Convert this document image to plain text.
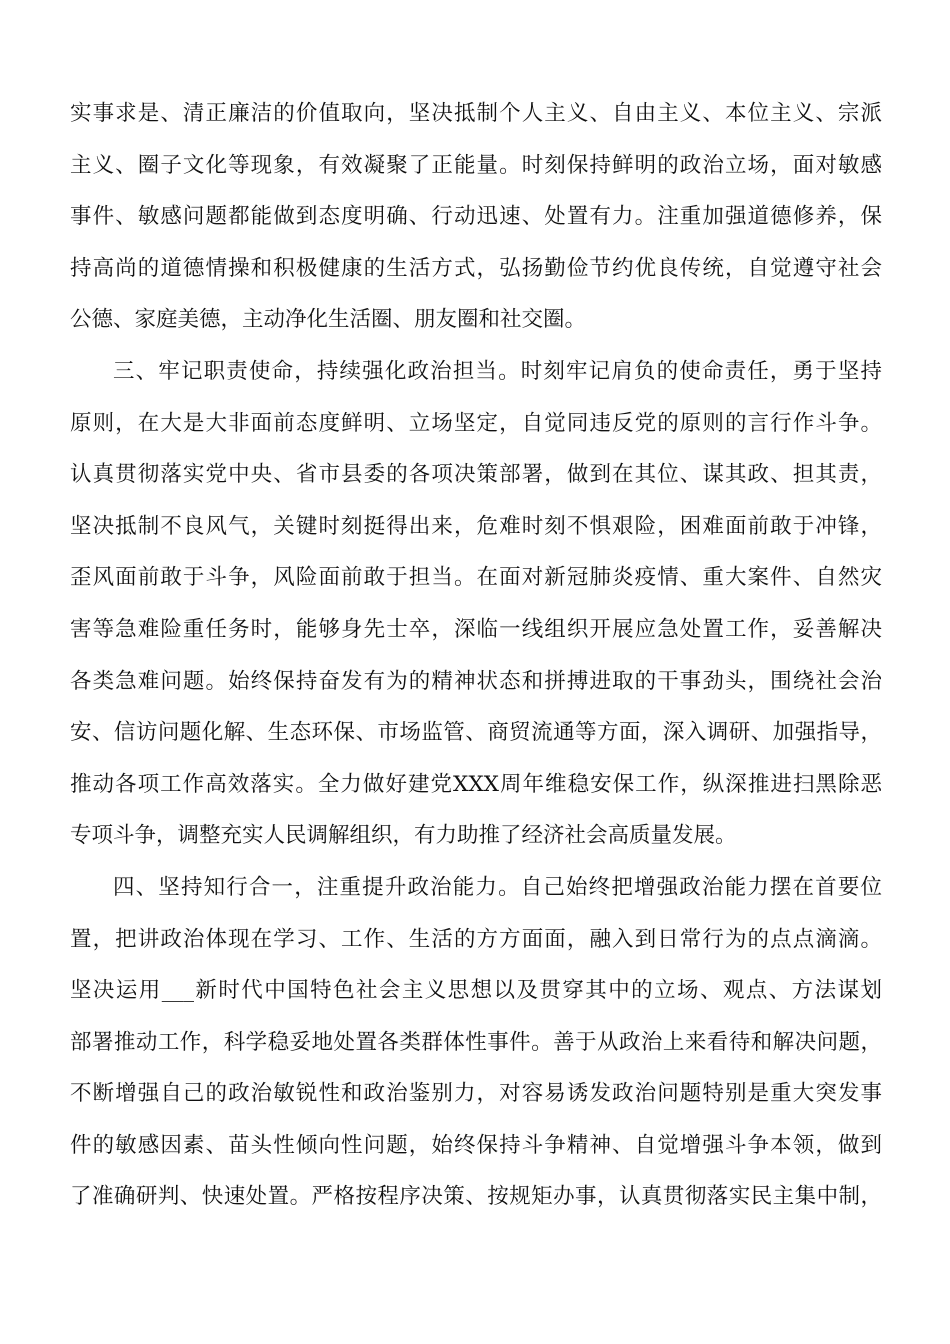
实事求是、清正廉洁的价值取向，坚决抵制个人主义、自由主义、本位主义、宗派
主义、圈子文化等现象，有效凝聚了正能量。时刻保持鲜明的政治立场，面对敏感
事件、敏感问题都能做到态度明确、行动迅速、处置有力。注重加强道德修养，保
持高尚的道德情操和积极健康的生活方式，弘扬勤俭节约优良传统，自觉遵守社会
公德、家庭美德，主动净化生活圈、朋友圈和社交圈。
三、牢记职责使命，持续强化政治担当。时刻牢记肩负的使命责任，勇于坚持
原则，在大是大非面前态度鲜明、立场坚定，自觉同违反党的原则的言行作斗争。
认真贯彻落实党中央、省市县委的各项决策部署，做到在其位、谋其政、担其责，
坚决抵制不良风气，关键时刻挺得出来，危难时刻不惧艰险，困难面前敢于冲锋，
歪风面前敢于斗争，风险面前敢于担当。在面对新冠肺炎疫情、重大案件、自然灾
害等急难险重任务时，能够身先士卒，深临一线组织开展应急处置工作，妥善解决
各类急难问题。始终保持奋发有为的精神状态和拼搏进取的干事劲头，围绕社会治
安、信访问题化解、生态环保、市场监管、商贸流通等方面，深入调研、加强指导，
推动各项工作高效落实。全力做好建党XXX周年维稳安保工作，纵深推进扫黑除恶
专项斗争，调整充实人民调解组织，有力助推了经济社会高质量发展。
四、坚持知行合一，注重提升政治能力。自己始终把增强政治能力摆在首要位
置，把讲政治体现在学习、工作、生活的方方面面，融入到日常行为的点点滴滴。
坚决运用___新时代中国特色社会主义思想以及贯穿其中的立场、观点、方法谋划
部署推动工作，科学稳妥地处置各类群体性事件。善于从政治上来看待和解决问题，
不断增强自己的政治敏锐性和政治鉴别力，对容易诱发政治问题特别是重大突发事
件的敏感因素、苗头性倾向性问题，始终保持斗争精神、自觉增强斗争本领，做到
了准确研判、快速处置。严格按程序决策、按规矩办事，认真贯彻落实民主集中制，
